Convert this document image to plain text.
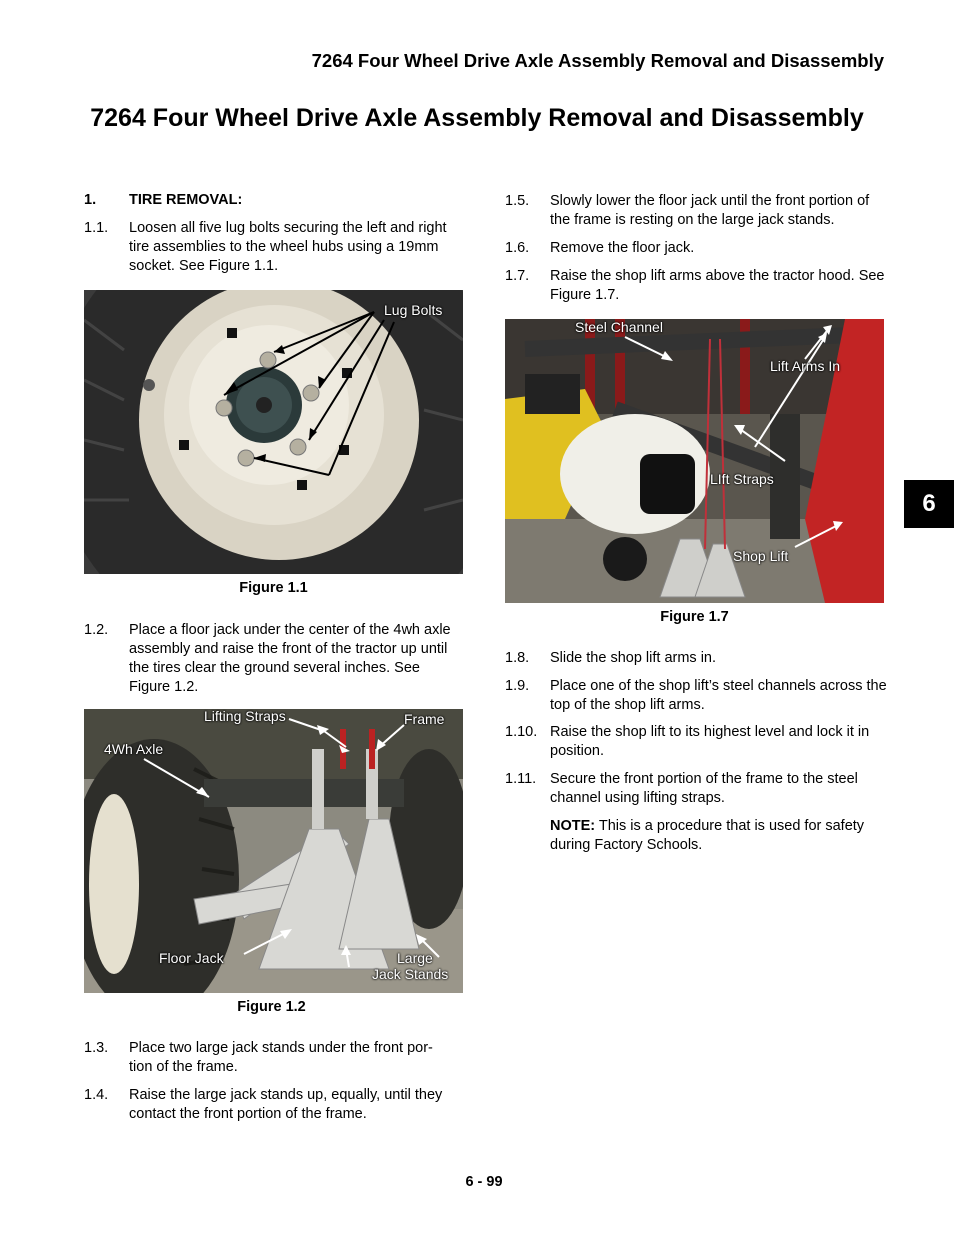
7264 Four Wheel Drive Axle Assembly Removal and Disassembly
7264 Four Wheel Drive Axle Assembly Removal and Disassembly
6
1. TIRE REMOVAL:
1.1. Loosen all five lug bolts securing the left and right tire assemblies to the wheel hubs using a 19mm socket. See Figure 1.1.
Lug Bolts
Figure 1.1
1.2. Place a floor jack under the center of the 4wh axle assembly and raise the front of the tractor up until the tires clear the ground several inches. See Figure 1.2.
Lifting Straps	Frame
4Wh Axle
Floor Jack	Large
Jack Stands
Figure 1.2
1.3. Place two large jack stands under the front por-
tion of the frame.
1.4. Raise the large jack stands up, equally, until they contact the front portion of the frame.
1.5. Slowly lower the floor jack until the front portion of the frame is resting on the large jack stands.
1.6. Remove the floor jack.
1.7. Raise the shop lift arms above the tractor hood. See Figure 1.7.
Steel Channel
Lift Arms In
LIft Straps
Shop Lift
Figure 1.7
1.8. Slide the shop lift arms in.
1.9. Place one of the shop lift’s steel channels across the top of the shop lift arms.
1.10. Raise the shop lift to its highest level and lock it in position.
1.11. Secure the front portion of the frame to the steel channel using lifting straps.
NOTE: This is a procedure that is used for safety during Factory Schools.
6 - 99
